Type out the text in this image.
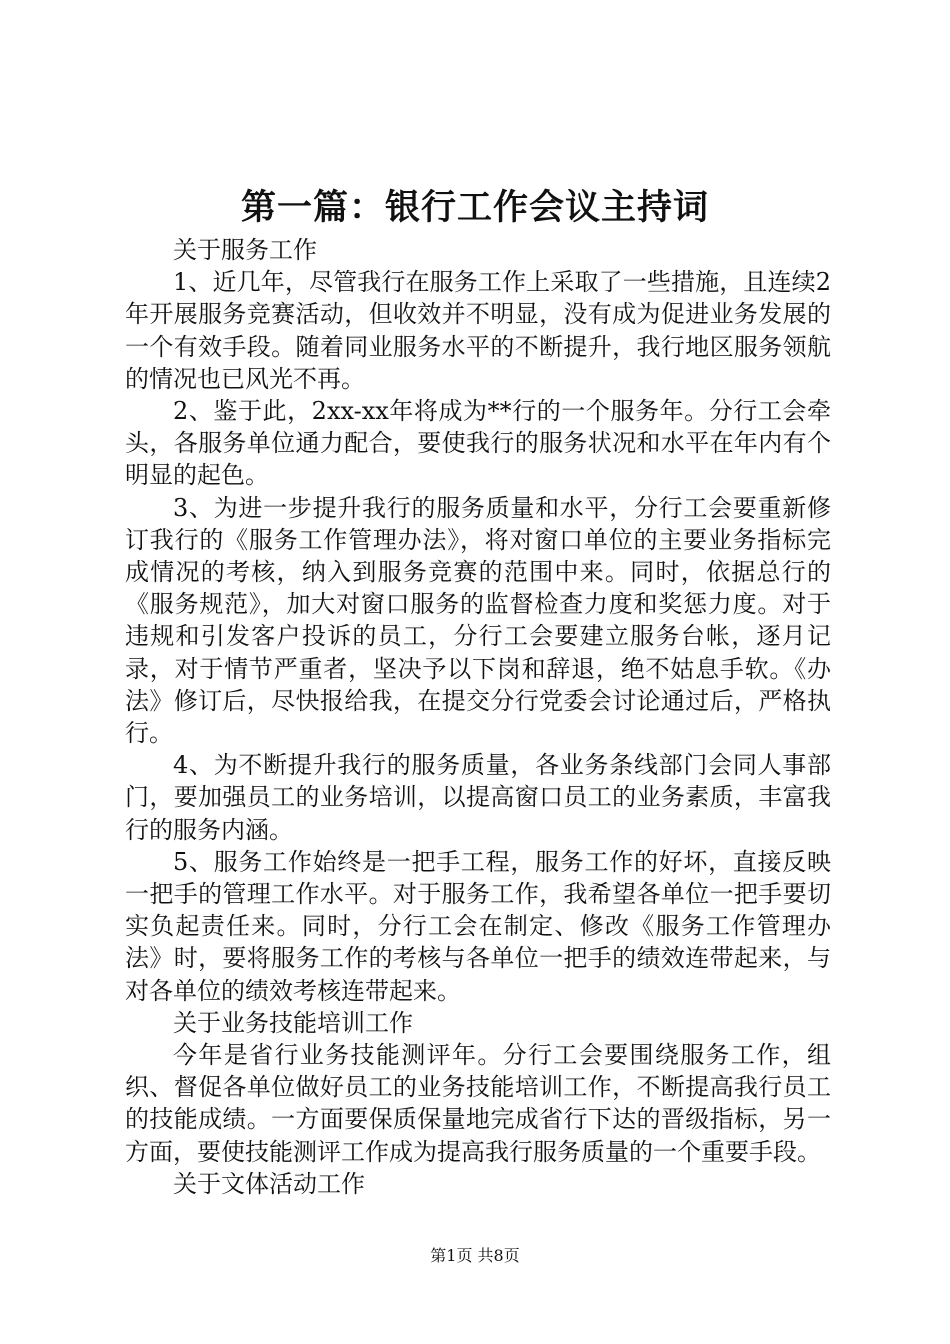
第一篇：银行工作会议主持词

关于服务工作

1、近几年，尽管我行在服务工作上采取了一些措施，且连续2年开展服务竞赛活动，但收效并不明显，没有成为促进业务发展的一个有效手段。随着同业服务水平的不断提升，我行地区服务领航的情况也已风光不再。

2、鉴于此，2xx-xx年将成为**行的一个服务年。分行工会牵头，各服务单位通力配合，要使我行的服务状况和水平在年内有个明显的起色。

3、为进一步提升我行的服务质量和水平，分行工会要重新修订我行的《服务工作管理办法》，将对窗口单位的主要业务指标完成情况的考核，纳入到服务竞赛的范围中来。同时，依据总行的《服务规范》，加大对窗口服务的监督检查力度和奖惩力度。对于违规和引发客户投诉的员工，分行工会要建立服务台帐，逐月记录，对于情节严重者，坚决予以下岗和辞退，绝不姑息手软。《办法》修订后，尽快报给我，在提交分行党委会讨论通过后，严格执行。

4、为不断提升我行的服务质量，各业务条线部门会同人事部门，要加强员工的业务培训，以提高窗口员工的业务素质，丰富我行的服务内涵。

5、服务工作始终是一把手工程，服务工作的好坏，直接反映一把手的管理工作水平。对于服务工作，我希望各单位一把手要切实负起责任来。同时，分行工会在制定、修改《服务工作管理办法》时，要将服务工作的考核与各单位一把手的绩效连带起来，与对各单位的绩效考核连带起来。

关于业务技能培训工作

今年是省行业务技能测评年。分行工会要围绕服务工作，组织、督促各单位做好员工的业务技能培训工作，不断提高我行员工的技能成绩。一方面要保质保量地完成省行下达的晋级指标，另一方面，要使技能测评工作成为提高我行服务质量的一个重要手段。

关于文体活动工作

第1页 共8页
